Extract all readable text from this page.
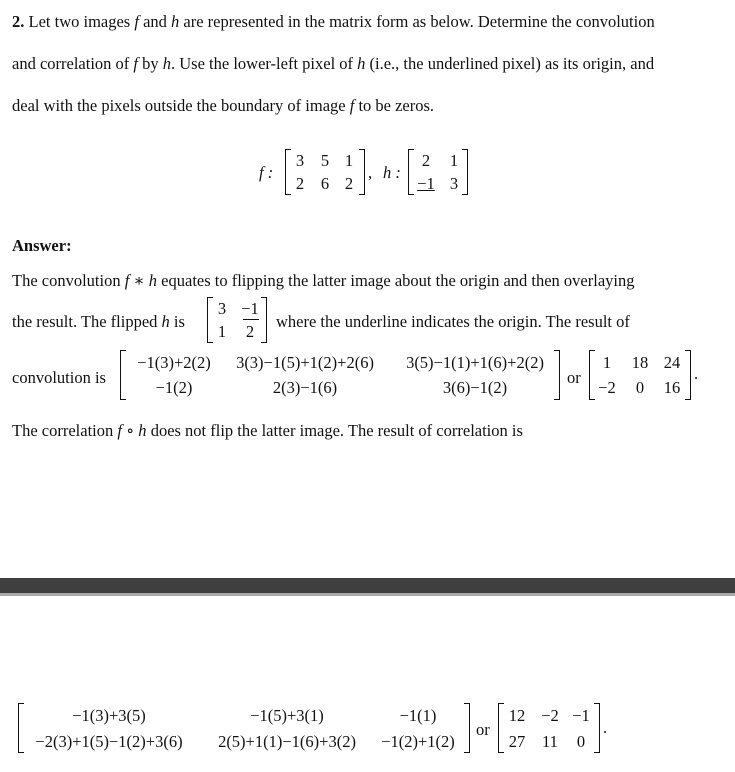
2. Let two images f and h are represented in the matrix form as below. Determine the convolution
and correlation of f by h. Use the lower-left pixel of h (i.e., the underlined pixel) as its origin, and
deal with the pixels outside the boundary of image f to be zeros.
f :
3	5 1
2	6 2
, h :
2	1
−1 3
Answer:
The convolution f ∗ h equates to flipping the latter image about the origin and then overlaying
the result. The flipped h is
3 −1
1	2
where the underline indicates the origin. The result of
convolution is
−1(3)+2(2)	3(3)−1(5)+1(2)+2(6)	3(5)−1(1)+1(6)+2(2)
−1(2)	2(3)−1(6)	3(6)−1(2)
or
1	18 24
−2	0	16
.
The correlation f ∘ h does not flip the latter image. The result of correlation is
−1(3)+3(5)	−1(5)+3(1)	−1(1)
−2(3)+1(5)−1(2)+3(6)	2(5)+1(1)−1(6)+3(2)	−1(2)+1(2)
or
12 −2 −1
27	11	0
.
